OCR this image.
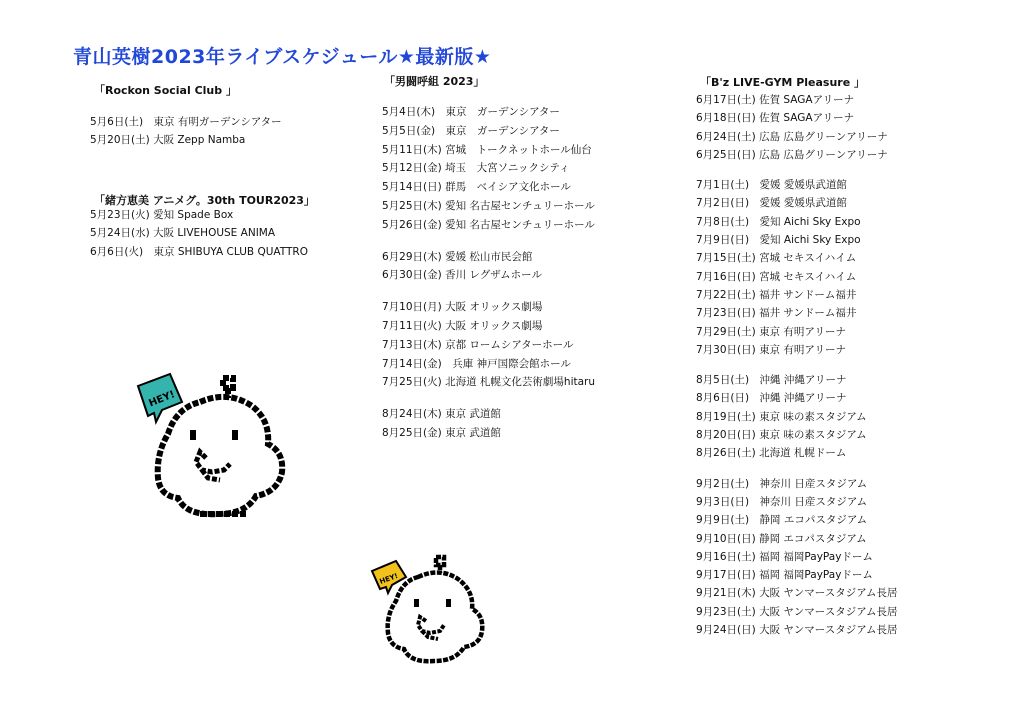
青山英樹2023年ライブスケジュール★最新版★
「Rockon Social Club 」
5月6日(土)　東京 有明ガーデンシアター
5月20日(土) 大阪 Zepp Namba
「緒方恵美 アニメグ。30th TOUR2023」
5月23日(火) 愛知 Spade Box
5月24日(水) 大阪 LIVEHOUSE ANIMA
6月6日(火)　東京 SHIBUYA CLUB QUATTRO
「男闘呼組 2023」
5月4日(木)　東京　ガーデンシアター
5月5日(金)　東京　ガーデンシアター
5月11日(木) 宮城　トークネットホール仙台
5月12日(金) 埼玉　大宮ソニックシティ
5月14日(日) 群馬　ベイシア文化ホール
5月25日(木) 愛知 名古屋センチュリーホール
5月26日(金) 愛知 名古屋センチュリーホール
6月29日(木) 愛媛 松山市民会館
6月30日(金) 香川 レグザムホール
7月10日(月) 大阪 オリックス劇場
7月11日(火) 大阪 オリックス劇場
7月13日(木) 京都 ロームシアターホール
7月14日(金)　兵庫 神戸国際会館ホール
7月25日(火) 北海道 札幌文化芸術劇場hitaru
8月24日(木) 東京 武道館
8月25日(金) 東京 武道館
「B'z LIVE-GYM Pleasure 」
6月17日(土) 佐賀 SAGAアリーナ
6月18日(日) 佐賀 SAGAアリーナ
6月24日(土) 広島 広島グリーンアリーナ
6月25日(日) 広島 広島グリーンアリーナ
7月1日(土)　愛媛 愛媛県武道館
7月2日(日)　愛媛 愛媛県武道館
7月8日(土)　愛知 Aichi Sky Expo
7月9日(日)　愛知 Aichi Sky Expo
7月15日(土) 宮城 セキスイハイム
7月16日(日) 宮城 セキスイハイム
7月22日(土) 福井 サンドーム福井
7月23日(日) 福井 サンドーム福井
7月29日(土) 東京 有明アリーナ
7月30日(日) 東京 有明アリーナ
8月5日(土)　沖縄 沖縄アリーナ
8月6日(日)　沖縄 沖縄アリーナ
8月19日(土) 東京 味の素スタジアム
8月20日(日) 東京 味の素スタジアム
8月26日(土) 北海道 札幌ドーム
9月2日(土)　神奈川 日産スタジアム
9月3日(日)　神奈川 日産スタジアム
9月9日(土)　静岡 エコパスタジアム
9月10日(日) 静岡 エコパスタジアム
9月16日(土) 福岡 福岡PayPayドーム
9月17日(日) 福岡 福岡PayPayドーム
9月21日(木) 大阪 ヤンマースタジアム長居
9月23日(土) 大阪 ヤンマースタジアム長居
9月24日(日) 大阪 ヤンマースタジアム長居
HEY!
HEY!
